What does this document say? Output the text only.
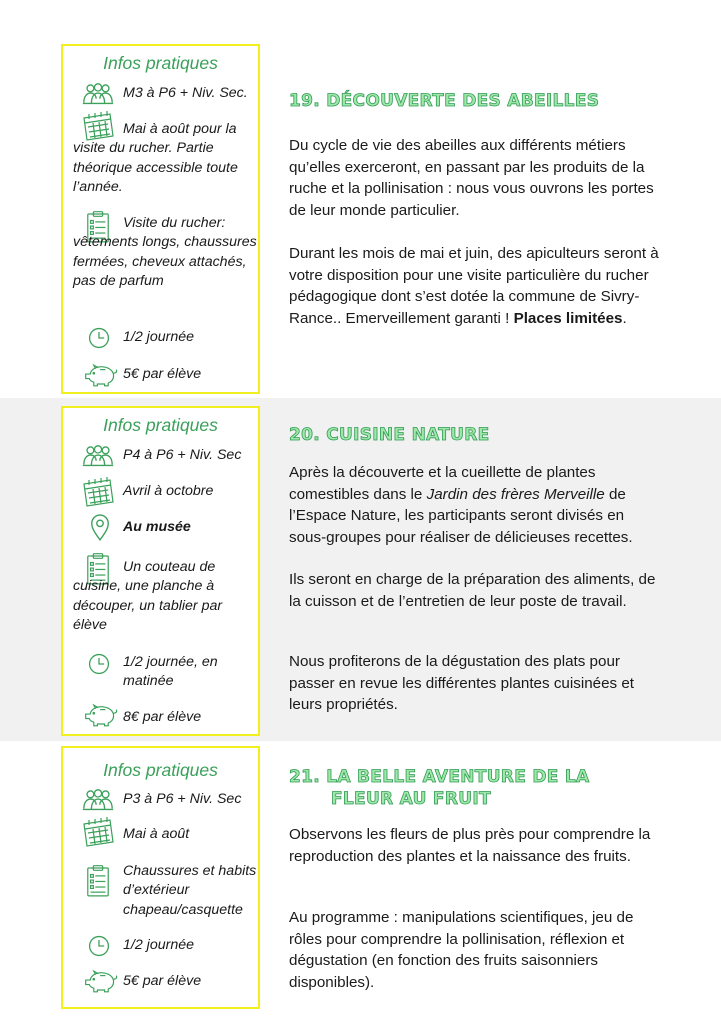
Infos pratiques
M3 à P6 + Niv. Sec.
Mai à août pour la visite du rucher. Partie théorique accessible toute l’année.
Visite du rucher: vêtements longs, chaussures fermées, cheveux attachés, pas de parfum
1/2 journée
5€ par élève
19. DÉCOUVERTE DES ABEILLES
Du cycle de vie des abeilles aux différents métiers qu’elles exerceront, en passant par les produits de la ruche et la pollinisation : nous vous ouvrons les portes de leur monde particulier.
Durant les mois de mai et juin, des apiculteurs seront à votre disposition pour une visite particulière du rucher pédagogique dont s’est dotée la commune de Sivry-Rance.. Emerveillement garanti ! Places limitées.
Infos pratiques
P4 à P6 + Niv. Sec
Avril à octobre
Au musée
Un couteau de cuisine, une planche à découper, un tablier par élève
1/2 journée, en matinée
8€ par élève
20. CUISINE NATURE
Après la découverte et la cueillette de plantes comestibles dans le Jardin des frères Merveille de l’Espace Nature, les participants seront divisés en sous-groupes pour réaliser de délicieuses recettes.
Ils seront en charge de la préparation des aliments, de la cuisson et de l’entretien de leur poste de travail.
Nous profiterons de la dégustation des plats pour passer en revue les différentes plantes cuisinées et leurs propriétés.
Infos pratiques
P3 à P6 + Niv. Sec
Mai à août
Chaussures et habits d’extérieur chapeau/casquette
1/2 journée
5€ par élève
21. LA BELLE AVENTURE DE LA
FLEUR AU FRUIT
Observons les fleurs de plus près pour comprendre la reproduction des plantes et la naissance des fruits.
Au programme : manipulations scientifiques, jeu de rôles pour comprendre la pollinisation, réflexion et dégustation (en fonction des fruits saisonniers disponibles).
